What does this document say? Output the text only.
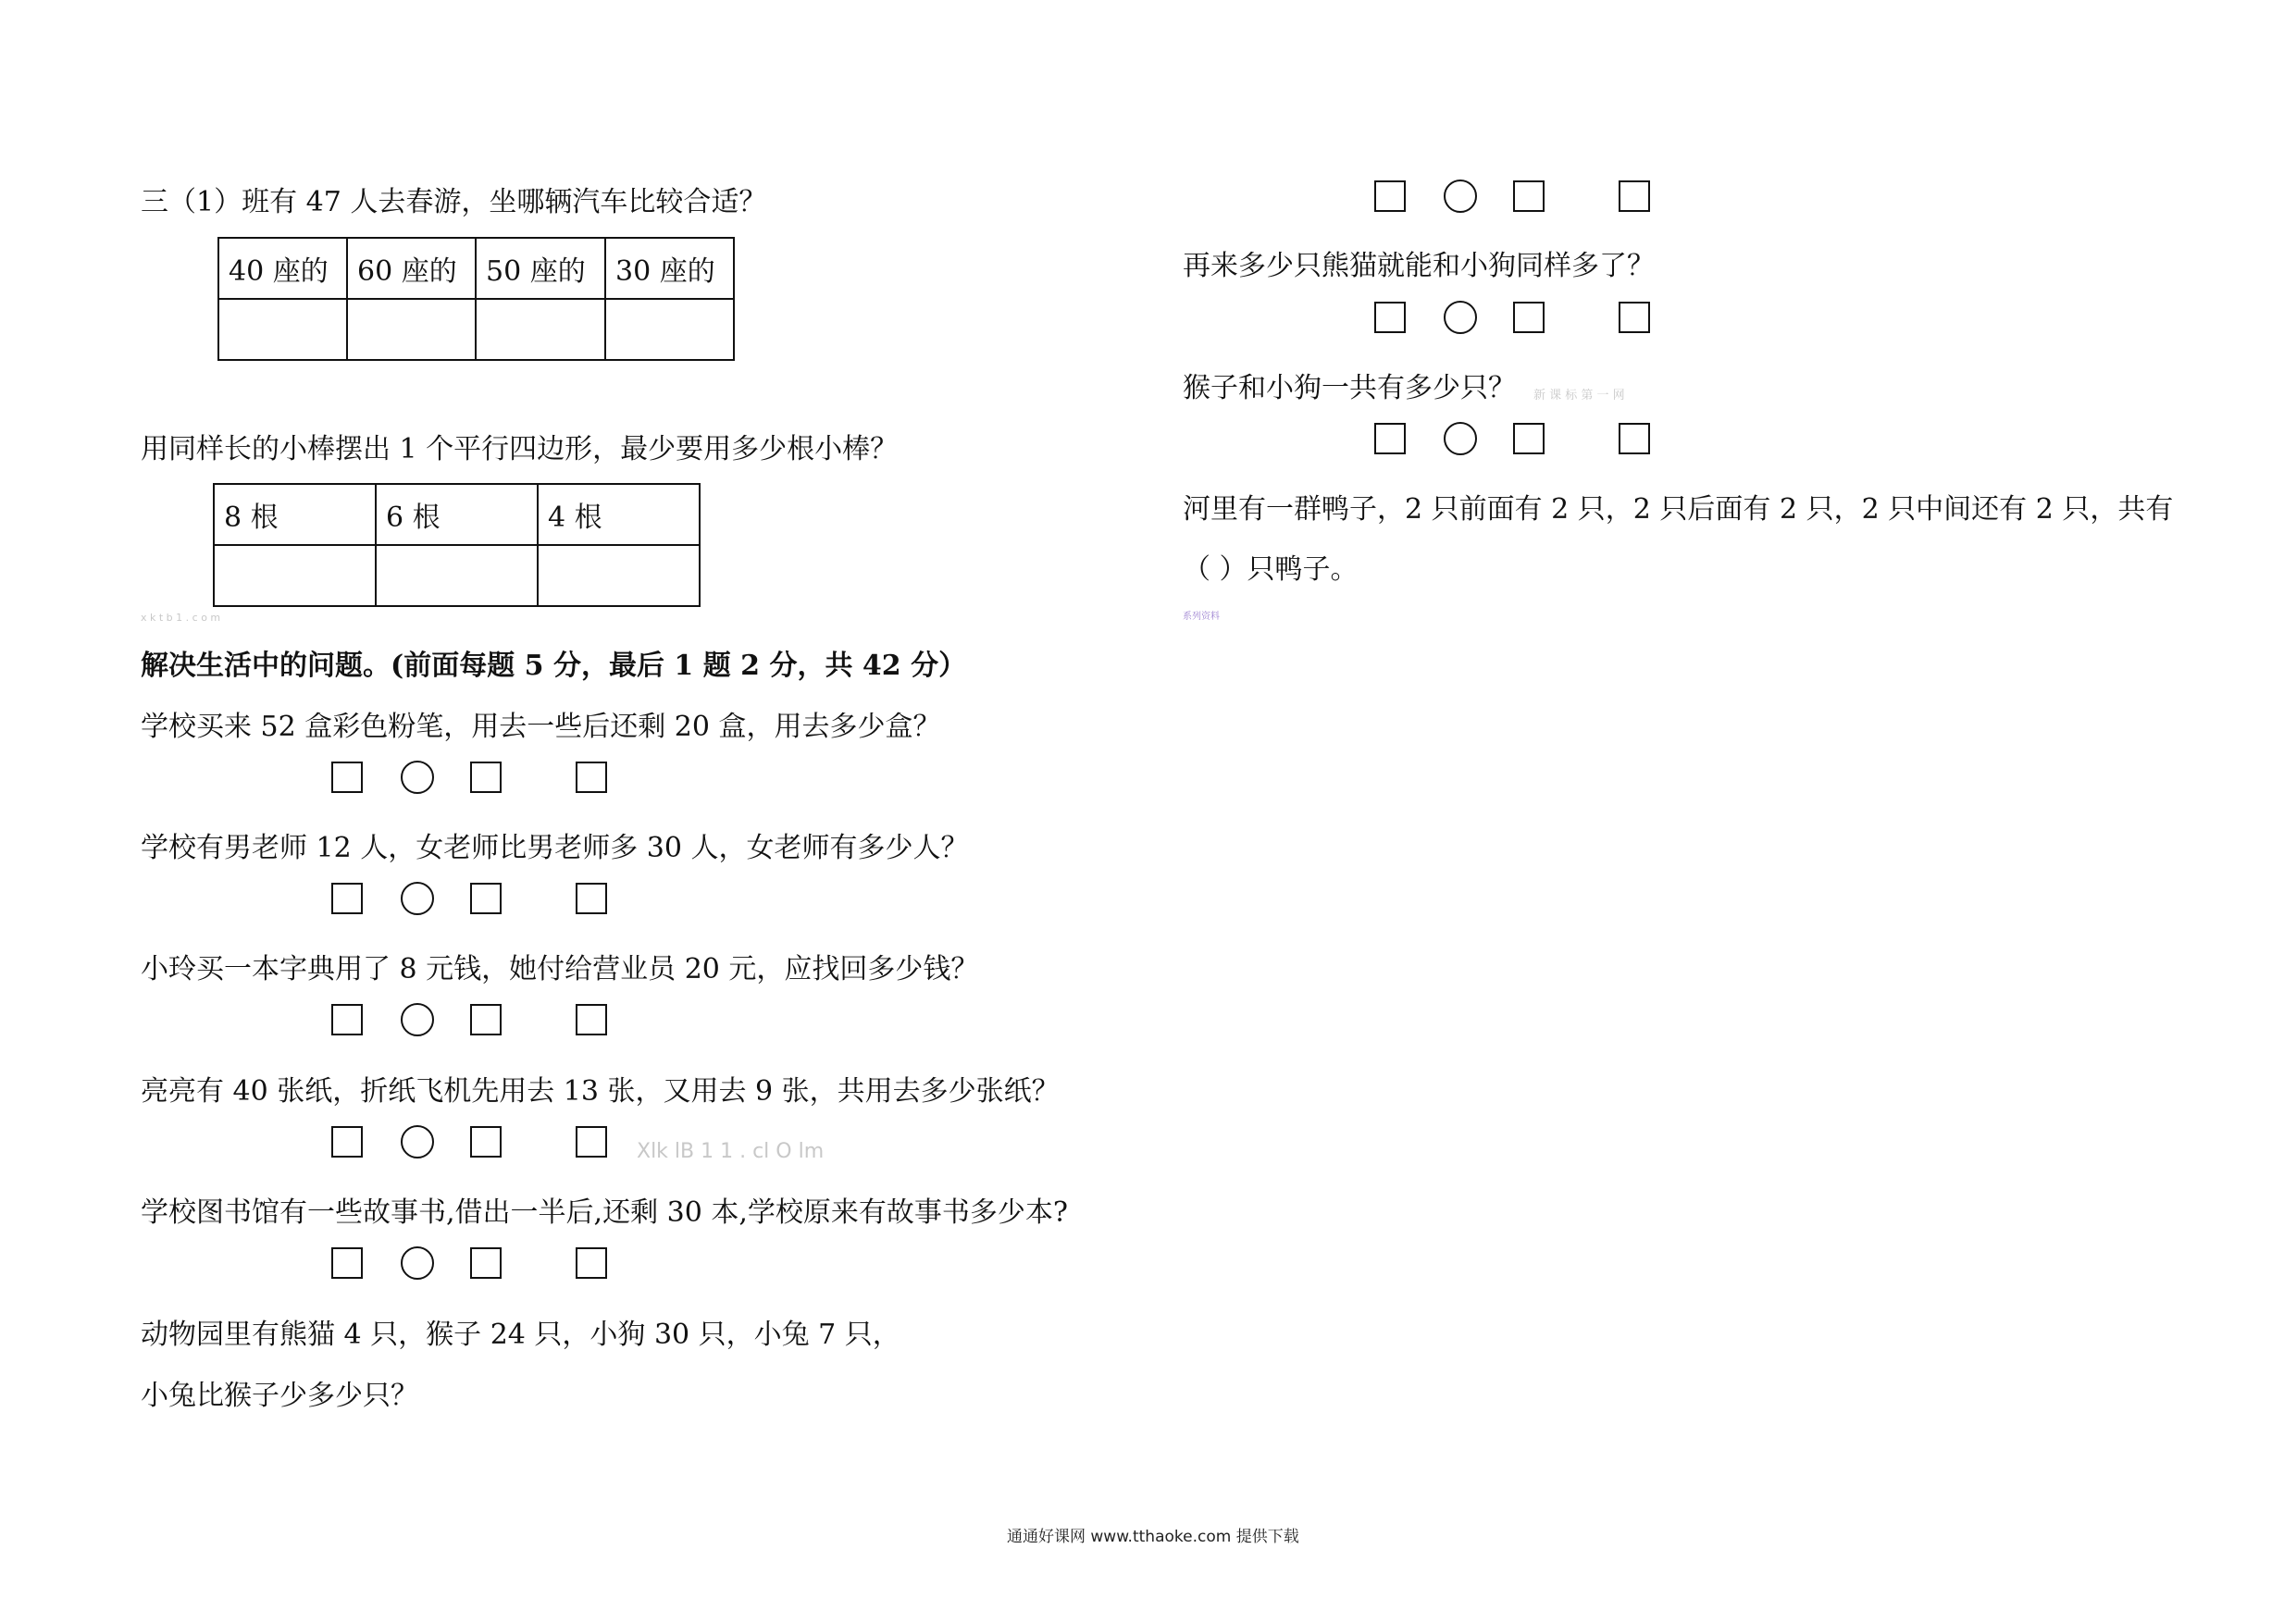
三（1）班有 47 人去春游，坐哪辆汽车比较合适？
40 座的	60 座的	50 座的	30 座的

用同样长的小棒摆出 1 个平行四边形，最少要用多少根小棒？
8 根	6 根	4 根

x k t b 1 . c o m
解决生活中的问题。(前面每题 5 分，最后 1 题 2 分，共 42 分）
学校买来 52 盒彩色粉笔，用去一些后还剩 20 盒，用去多少盒？
学校有男老师 12 人，女老师比男老师多 30 人，女老师有多少人？
小玲买一本字典用了 8 元钱，她付给营业员 20 元，应找回多少钱？
亮亮有 40 张纸，折纸飞机先用去 13 张，又用去 9 张，共用去多少张纸？
Xlk lB 1 1 . cl O lm
学校图书馆有一些故事书,借出一半后,还剩 30 本,学校原来有故事书多少本?
动物园里有熊猫 4 只，猴子 24 只，小狗 30 只，小兔 7 只，
小兔比猴子少多少只？
再来多少只熊猫就能和小狗同样多了？
猴子和小狗一共有多少只？ 新 课 标 第 一 网
河里有一群鸭子，2 只前面有 2 只，2 只后面有 2 只，2 只中间还有 2 只，共有
（ ）只鸭子。
系列资料
通通好课网 www.tthaoke.com 提供下载
